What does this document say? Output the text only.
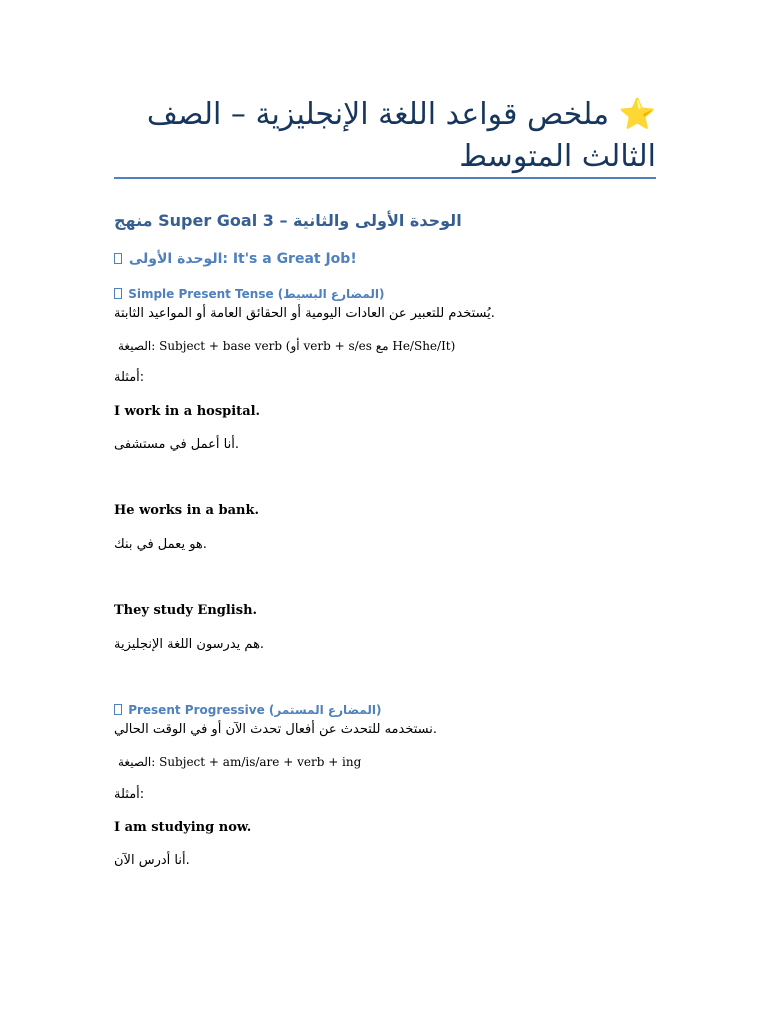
⭐ ملخص قواعد اللغة الإنجليزية – الصف الثالث المتوسط
منهج Super Goal 3 – الوحدة الأولى والثانية
الوحدة الأولى: It's a Great Job!
Simple Present Tense (المضارع البسيط)
يُستخدم للتعبير عن العادات اليومية أو الحقائق العامة أو المواعيد الثابتة.
الصيغة: Subject + base verb (أو verb + s/es مع He/She/It)
أمثلة:
I work in a hospital.
أنا أعمل في مستشفى.
He works in a bank.
هو يعمل في بنك.
They study English.
هم يدرسون اللغة الإنجليزية.
Present Progressive (المضارع المستمر)
نستخدمه للتحدث عن أفعال تحدث الآن أو في الوقت الحالي.
الصيغة: Subject + am/is/are + verb + ing
أمثلة:
I am studying now.
أنا أدرس الآن.
